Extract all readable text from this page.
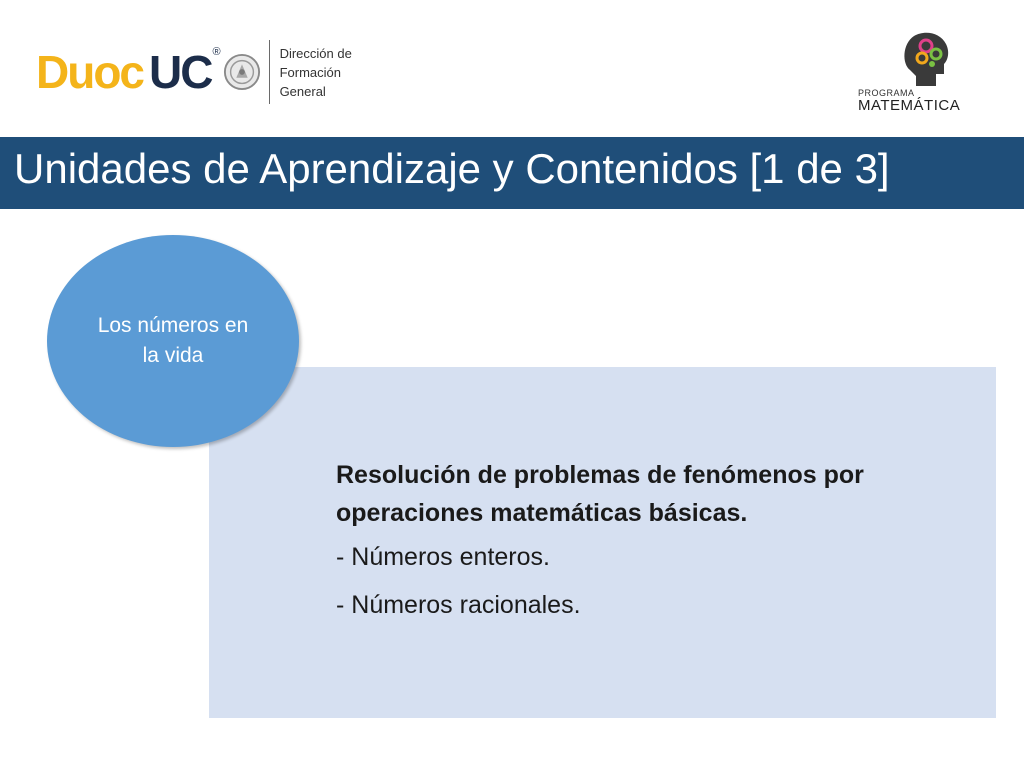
Duoc UC ®	Dirección de
Formación
General	PROGRAMA
MATEMÁTICA
Unidades de Aprendizaje y Contenidos [1 de 3]

Resolución de problemas de fenómenos por operaciones matemáticas básicas.

- Números enteros.

- Números racionales.

Los números en la vida
